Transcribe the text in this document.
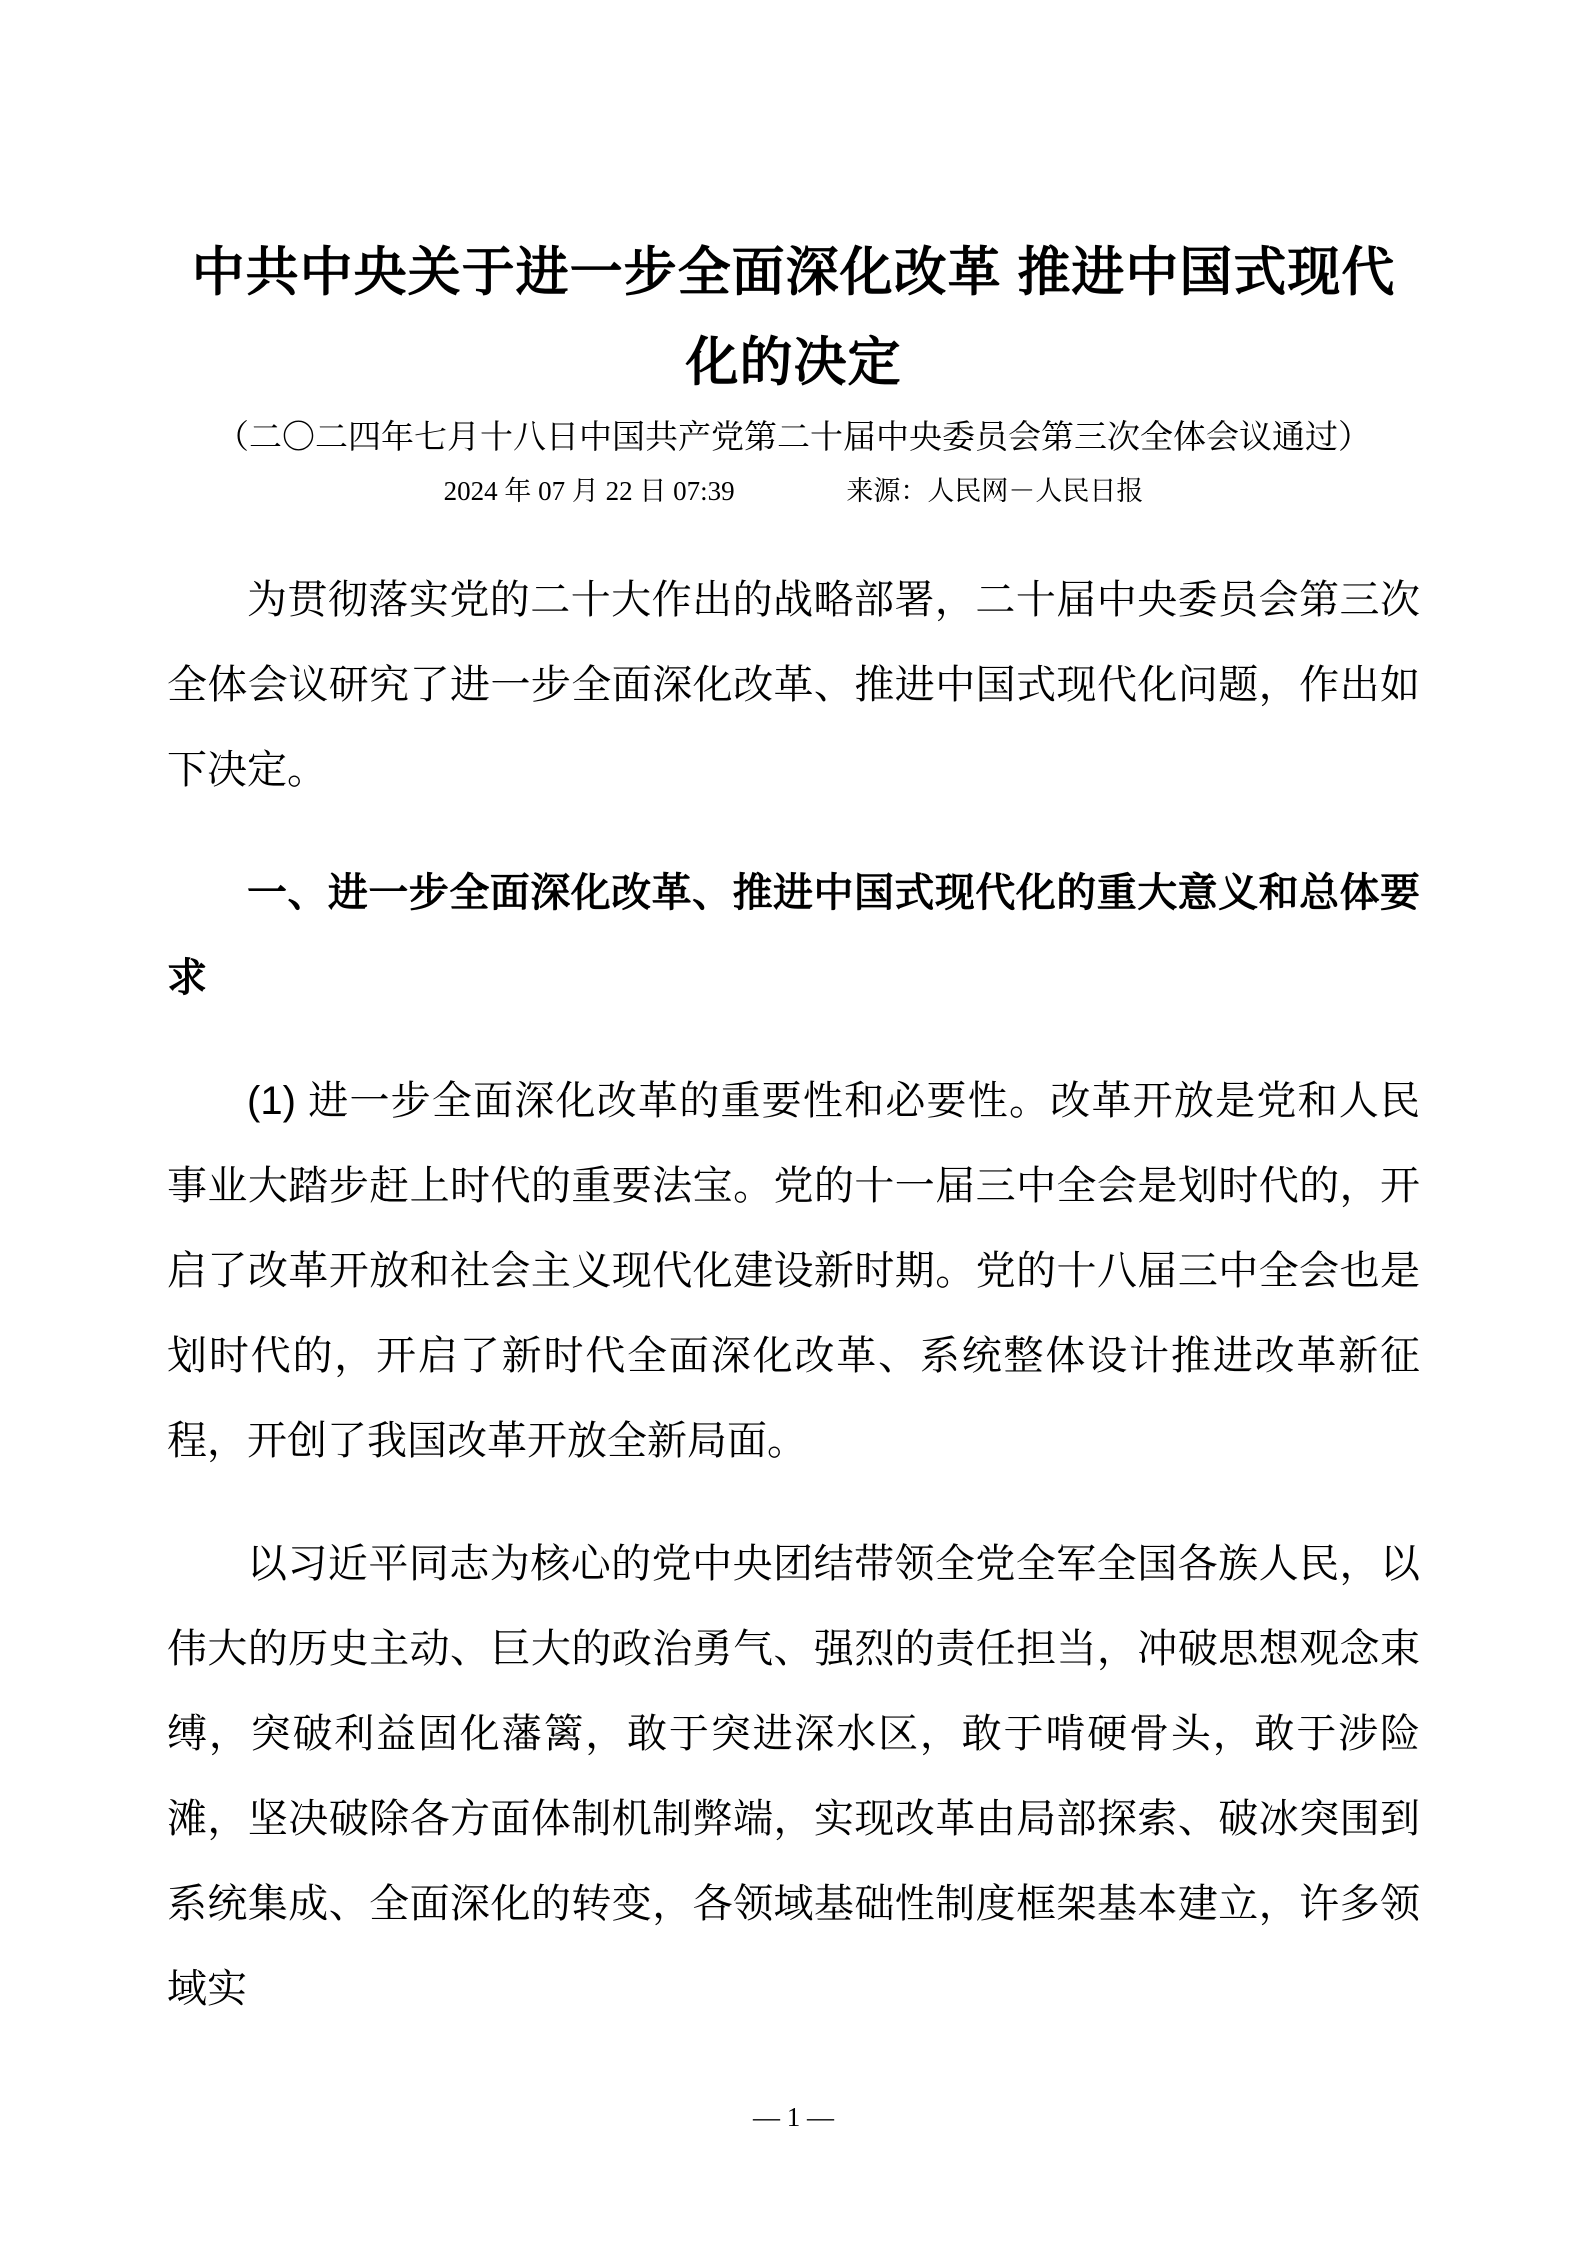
中共中央关于进一步全面深化改革 推进中国式现代化的决定
（二〇二四年七月十八日中国共产党第二十届中央委员会第三次全体会议通过）
2024 年 07 月 22 日 07:39	来源：人民网－人民日报

为贯彻落实党的二十大作出的战略部署，二十届中央委员会第三次全体会议研究了进一步全面深化改革、推进中国式现代化问题，作出如下决定。

一、进一步全面深化改革、推进中国式现代化的重大意义和总体要求

(1) 进一步全面深化改革的重要性和必要性。改革开放是党和人民事业大踏步赶上时代的重要法宝。党的十一届三中全会是划时代的，开启了改革开放和社会主义现代化建设新时期。党的十八届三中全会也是划时代的，开启了新时代全面深化改革、系统整体设计推进改革新征程，开创了我国改革开放全新局面。

以习近平同志为核心的党中央团结带领全党全军全国各族人民，以伟大的历史主动、巨大的政治勇气、强烈的责任担当，冲破思想观念束缚，突破利益固化藩篱，敢于突进深水区，敢于啃硬骨头，敢于涉险滩，坚决破除各方面体制机制弊端，实现改革由局部探索、破冰突围到系统集成、全面深化的转变，各领域基础性制度框架基本建立，许多领域实

— 1 —
